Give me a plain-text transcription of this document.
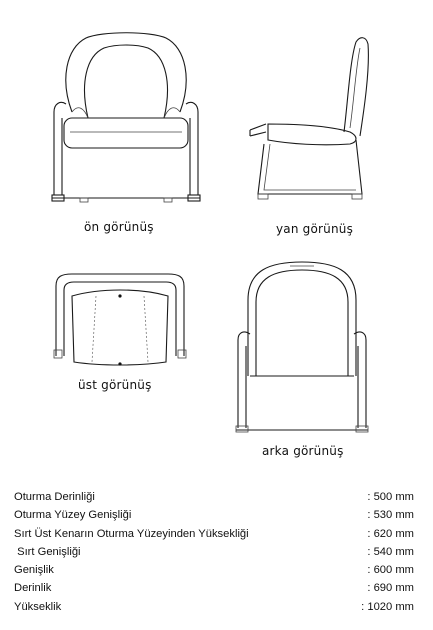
ön görünüş	yan görünüş
üst görünüş
arka görünüş
Oturma Derinliği	: 500 mm
Oturma Yüzey Genişliği	: 530 mm
Sırt Üst Kenarın Oturma Yüzeyinden Yüksekliği	: 620 mm
Sırt Genişliği	: 540 mm
Genişlik	: 600 mm
Derinlik	: 690 mm
Yükseklik	: 1020 mm
